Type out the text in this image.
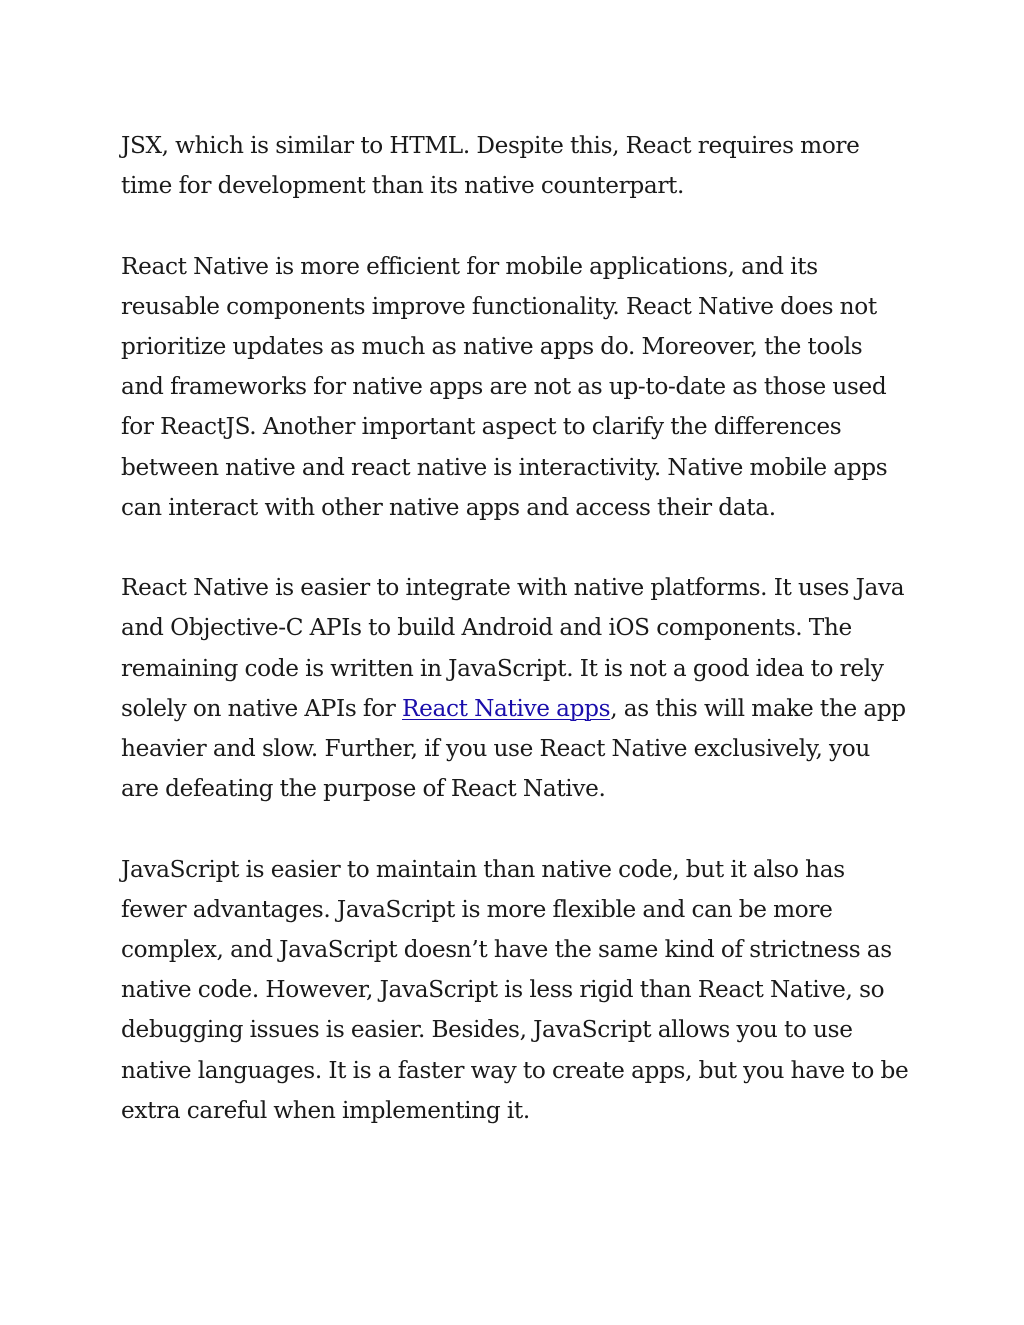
JSX, which is similar to HTML. Despite this, React requires more time for development than its native counterpart.

React Native is more efficient for mobile applications, and its reusable components improve functionality. React Native does not prioritize updates as much as native apps do. Moreover, the tools and frameworks for native apps are not as up-to-date as those used for ReactJS. Another important aspect to clarify the differences between native and react native is interactivity. Native mobile apps can interact with other native apps and access their data.

React Native is easier to integrate with native platforms. It uses Java and Objective-C APIs to build Android and iOS components. The remaining code is written in JavaScript. It is not a good idea to rely solely on native APIs for React Native apps, as this will make the app heavier and slow. Further, if you use React Native exclusively, you are defeating the purpose of React Native.

JavaScript is easier to maintain than native code, but it also has fewer advantages. JavaScript is more flexible and can be more complex, and JavaScript doesn’t have the same kind of strictness as native code. However, JavaScript is less rigid than React Native, so debugging issues is easier. Besides, JavaScript allows you to use native languages. It is a faster way to create apps, but you have to be extra careful when implementing it.
